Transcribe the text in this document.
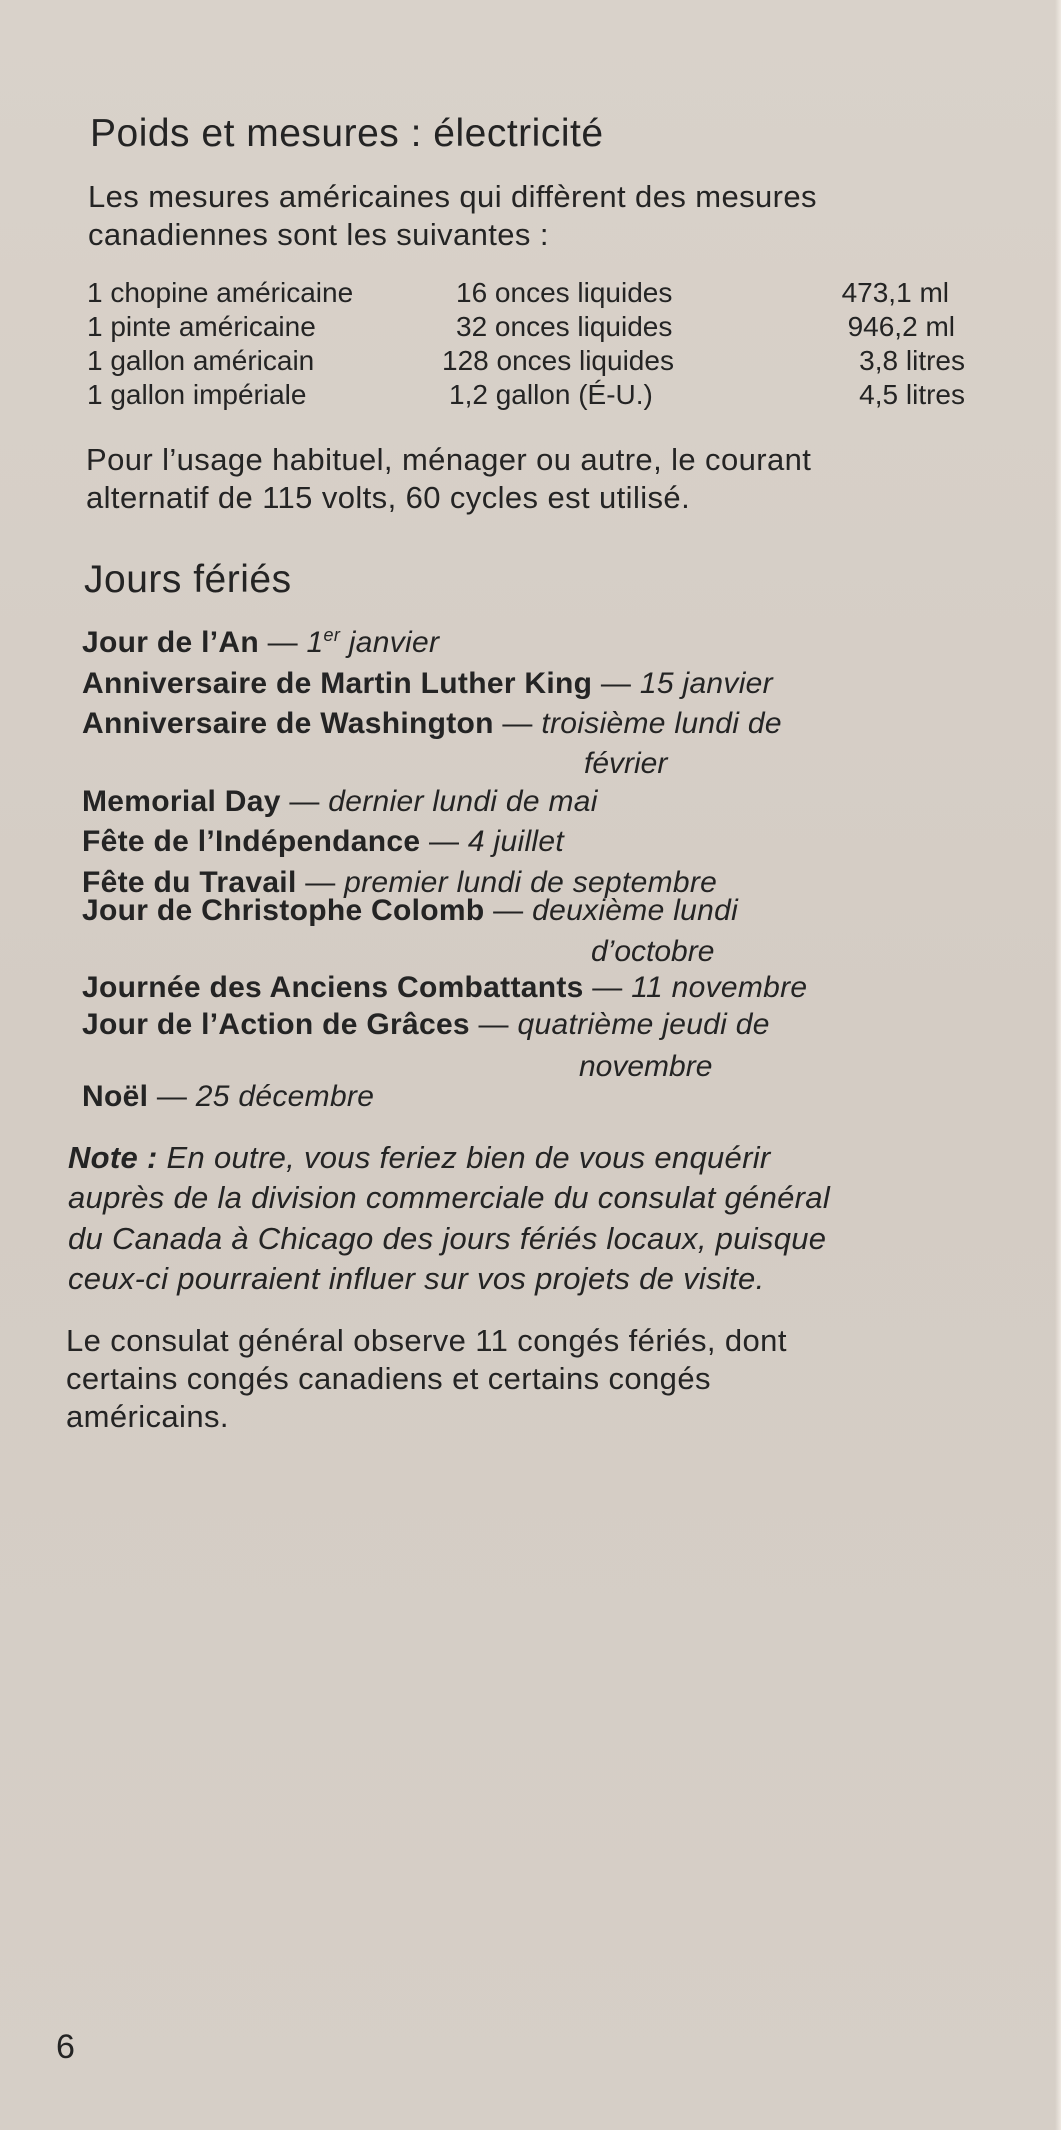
Poids et mesures : électricité
Les mesures américaines qui diffèrent des mesures
canadiennes sont les suivantes :
1 chopine américaine	16 onces liquides	473,1 ml
1 pinte américaine	32 onces liquides	946,2 ml
1 gallon américain	128 onces liquides	3,8 litres
1 gallon impériale	1,2 gallon (É-U.)	4,5 litres
Pour l’usage habituel, ménager ou autre, le courant
alternatif de 115 volts, 60 cycles est utilisé.
Jours fériés
Jour de l’An — 1er janvier
Anniversaire de Martin Luther King — 15 janvier
Anniversaire de Washington — troisième lundi de
février
Memorial Day — dernier lundi de mai
Fête de l’Indépendance — 4 juillet
Fête du Travail — premier lundi de septembre
Jour de Christophe Colomb — deuxième lundi
d’octobre
Journée des Anciens Combattants — 11 novembre
Jour de l’Action de Grâces — quatrième jeudi de
novembre
Noël — 25 décembre
Note : En outre, vous feriez bien de vous enquérir
auprès de la division commerciale du consulat général
du Canada à Chicago des jours fériés locaux, puisque
ceux-ci pourraient influer sur vos projets de visite.
Le consulat général observe 11 congés fériés, dont
certains congés canadiens et certains congés
américains.
6
